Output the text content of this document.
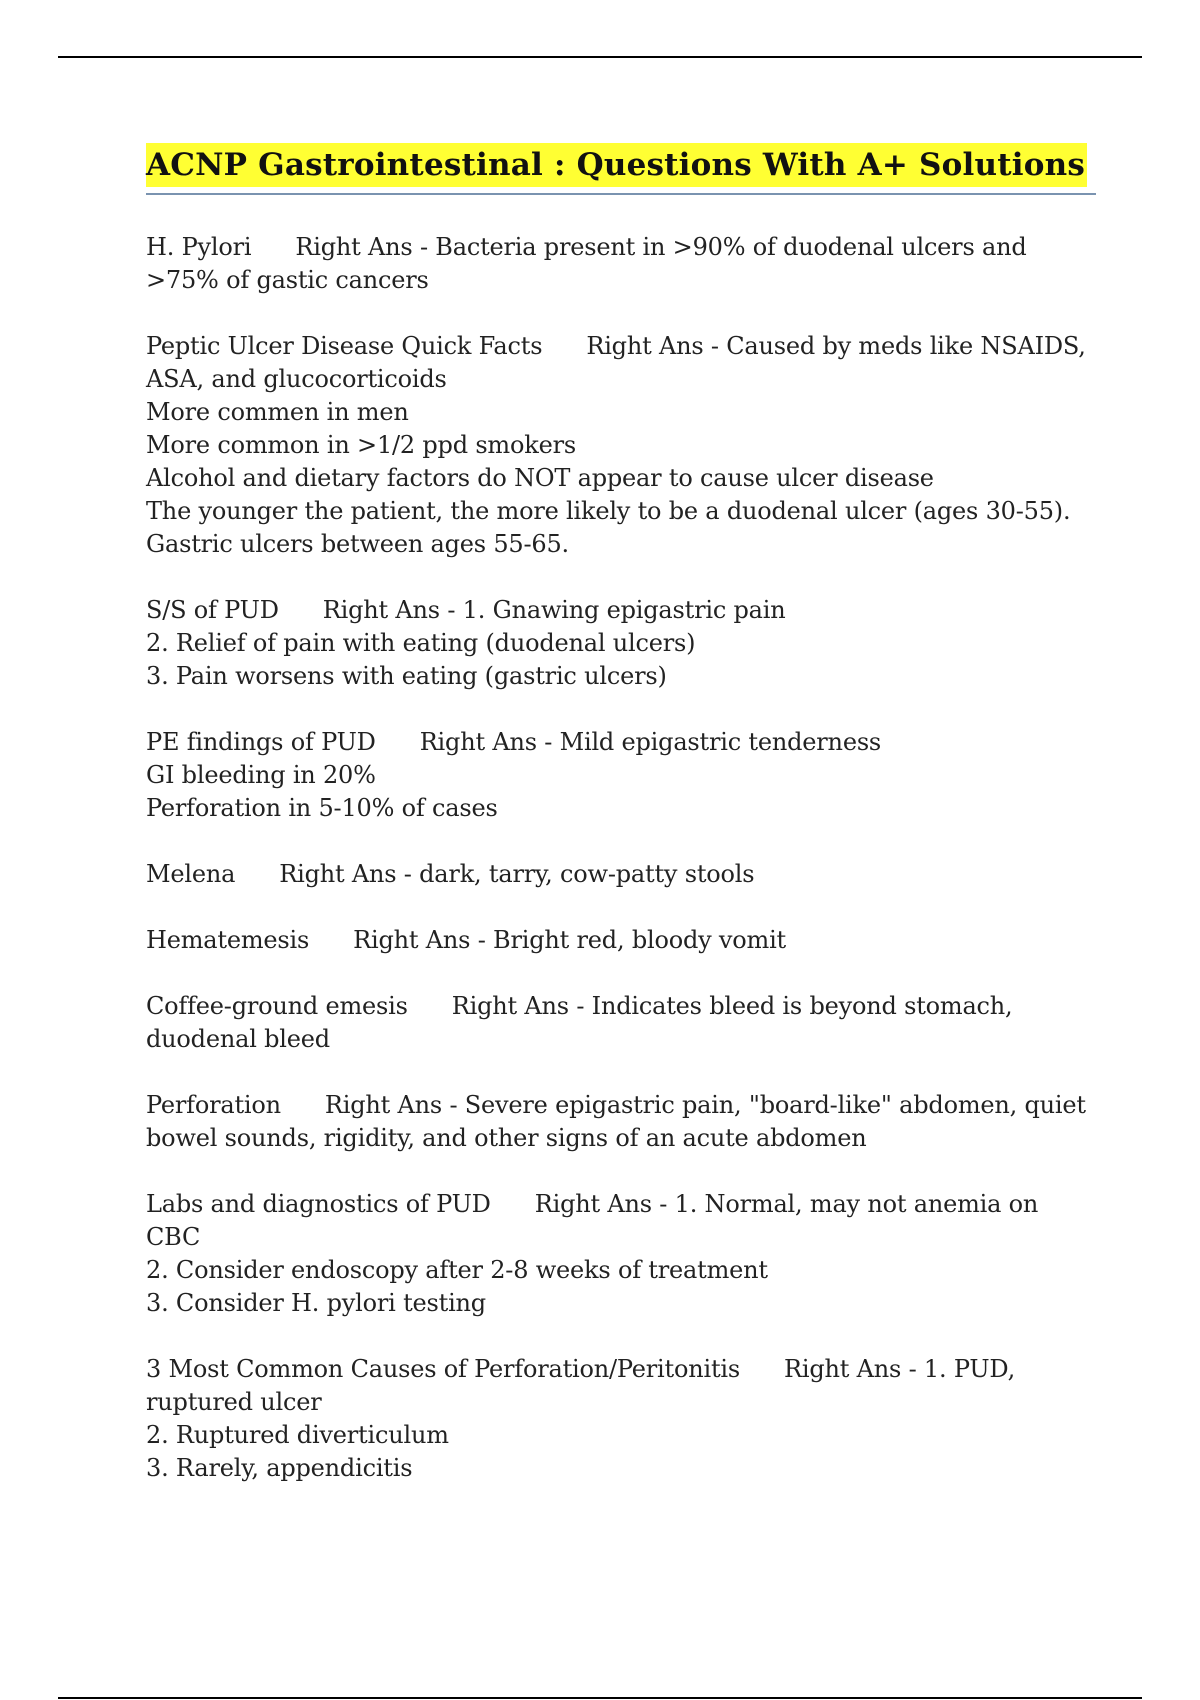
ACNP Gastrointestinal : Questions With A+ Solutions
H. Pylori Right Ans - Bacteria present in >90% of duodenal ulcers and
>75% of gastic cancers
Peptic Ulcer Disease Quick Facts Right Ans - Caused by meds like NSAIDS,
ASA, and glucocorticoids
More commen in men
More common in >1/2 ppd smokers
Alcohol and dietary factors do NOT appear to cause ulcer disease
The younger the patient, the more likely to be a duodenal ulcer (ages 30-55).
Gastric ulcers between ages 55-65.
S/S of PUD Right Ans - 1. Gnawing epigastric pain
2. Relief of pain with eating (duodenal ulcers)
3. Pain worsens with eating (gastric ulcers)
PE findings of PUD Right Ans - Mild epigastric tenderness
GI bleeding in 20%
Perforation in 5-10% of cases
Melena Right Ans - dark, tarry, cow-patty stools
Hematemesis Right Ans - Bright red, bloody vomit
Coffee-ground emesis Right Ans - Indicates bleed is beyond stomach,
duodenal bleed
Perforation Right Ans - Severe epigastric pain, "board-like" abdomen, quiet
bowel sounds, rigidity, and other signs of an acute abdomen
Labs and diagnostics of PUD Right Ans - 1. Normal, may not anemia on CBC
2. Consider endoscopy after 2-8 weeks of treatment
3. Consider H. pylori testing
3 Most Common Causes of Perforation/Peritonitis Right Ans - 1. PUD,
ruptured ulcer
2. Ruptured diverticulum
3. Rarely, appendicitis
